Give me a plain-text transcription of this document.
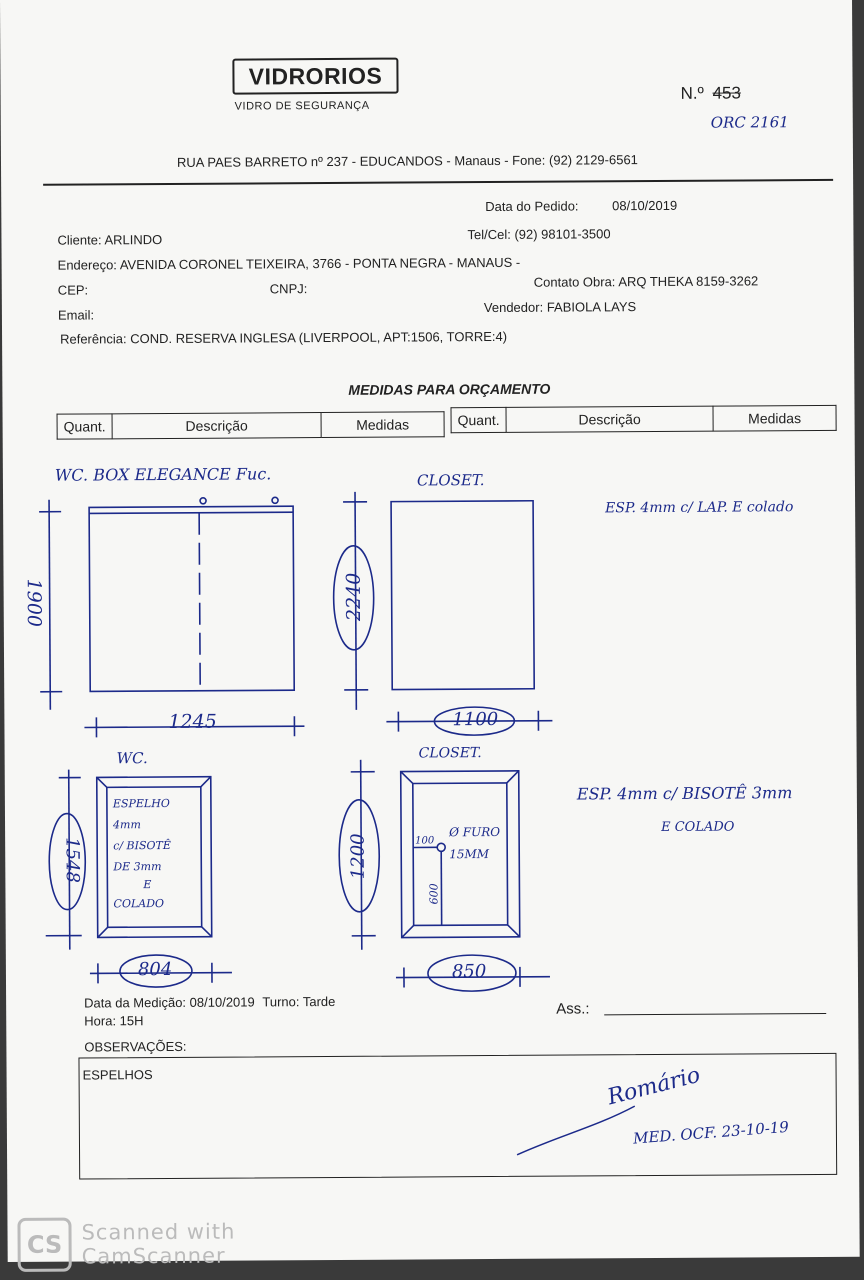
VIDRORIOS
VIDRO DE SEGURANÇA
N.º 453
ORC 2161
RUA PAES BARRETO nº 237 - EDUCANDOS - Manaus - Fone: (92) 2129-6561
Data do Pedido:	08/10/2019
Cliente: ARLINDO	Tel/Cel: (92) 98101-3500
Endereço: AVENIDA CORONEL TEIXEIRA, 3766 - PONTA NEGRA - MANAUS -
CEP:	CNPJ:	Contato Obra: ARQ THEKA 8159-3262
Email:	Vendedor: FABIOLA LAYS
Referência: COND. RESERVA INGLESA (LIVERPOOL, APT:1506, TORRE:4)
MEDIDAS PARA ORÇAMENTO
Quant.	Descrição	Medidas	Quant.	Descrição	Medidas
WC. BOX ELEGANCE Fuc.
1900
1245
CLOSET.
2240
1100
ESP. 4mm c/ LAP. E colado
WC.
1548
804
ESPELHO
4mm
c/ BISOTÊ
DE 3mm
E
COLADO
CLOSET.
1200
850
100
600
Ø FURO 15MM
ESP. 4mm c/ BISOTÊ 3mm
E COLADO
Data da Medição: 08/10/2019 Turno: Tarde
Hora: 15H
Ass.:
OBSERVAÇÕES:
ESPELHOS	Romário
MED. OCF. 23-10-19
CS Scanned with
CamScanner
